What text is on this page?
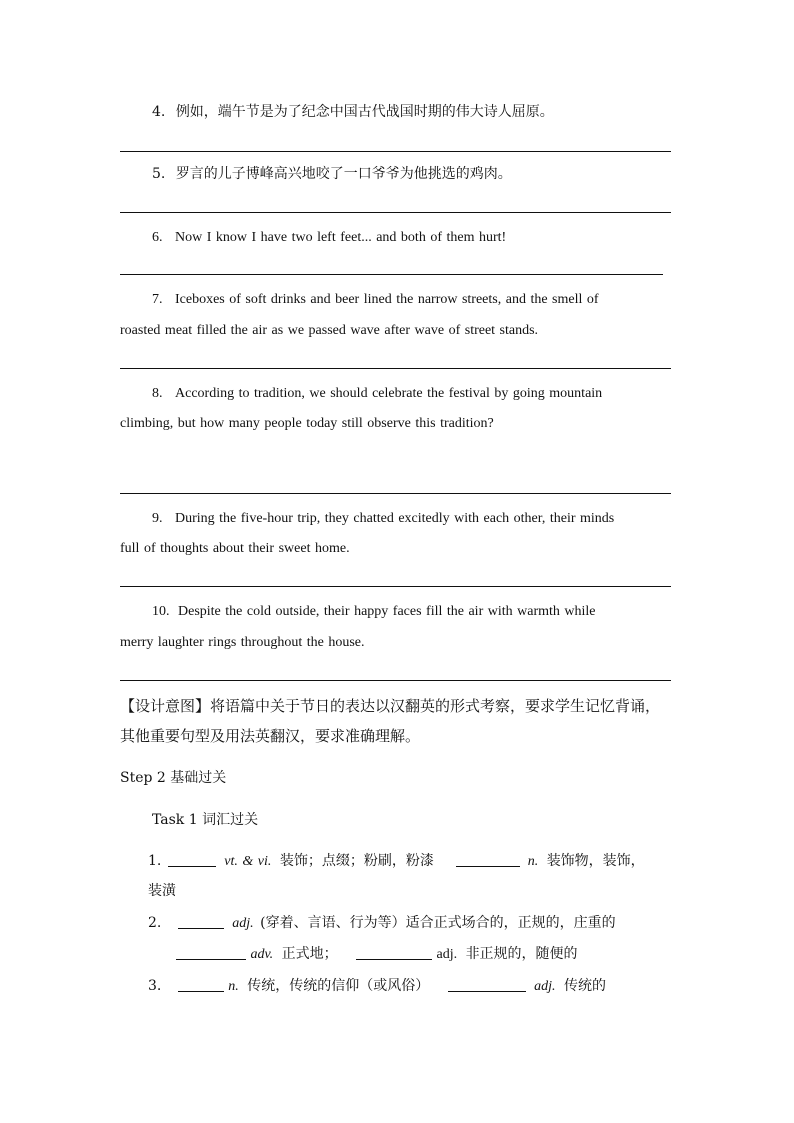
4. 例如，端午节是为了纪念中国古代战国时期的伟大诗人屈原。
5. 罗言的儿子博峰高兴地咬了一口爷爷为他挑选的鸡肉。
6. Now I know I have two left feet... and both of them hurt!
7. Iceboxes of soft drinks and beer lined the narrow streets, and the smell of
roasted meat filled the air as we passed wave after wave of street stands.
8. According to tradition, we should celebrate the festival by going mountain
climbing, but how many people today still observe this tradition?
9. During the five-hour trip, they chatted excitedly with each other, their minds
full of thoughts about their sweet home.
10. Despite the cold outside, their happy faces fill the air with warmth while
merry laughter rings throughout the house.
【设计意图】将语篇中关于节日的表达以汉翻英的形式考察，要求学生记忆背诵，
其他重要句型及用法英翻汉，要求准确理解。
Step 2 基础过关
Task 1 词汇过关
1.	vt. & vi. 装饰；点缀；粉刷，粉漆	n. 装饰物，装饰，
装潢
2.	adj. (穿着、言语、行为等）适合正式场合的，正规的，庄重的
adv. 正式地；	adj. 非正规的，随便的
3.	n. 传统，传统的信仰（或风俗）	adj. 传统的
